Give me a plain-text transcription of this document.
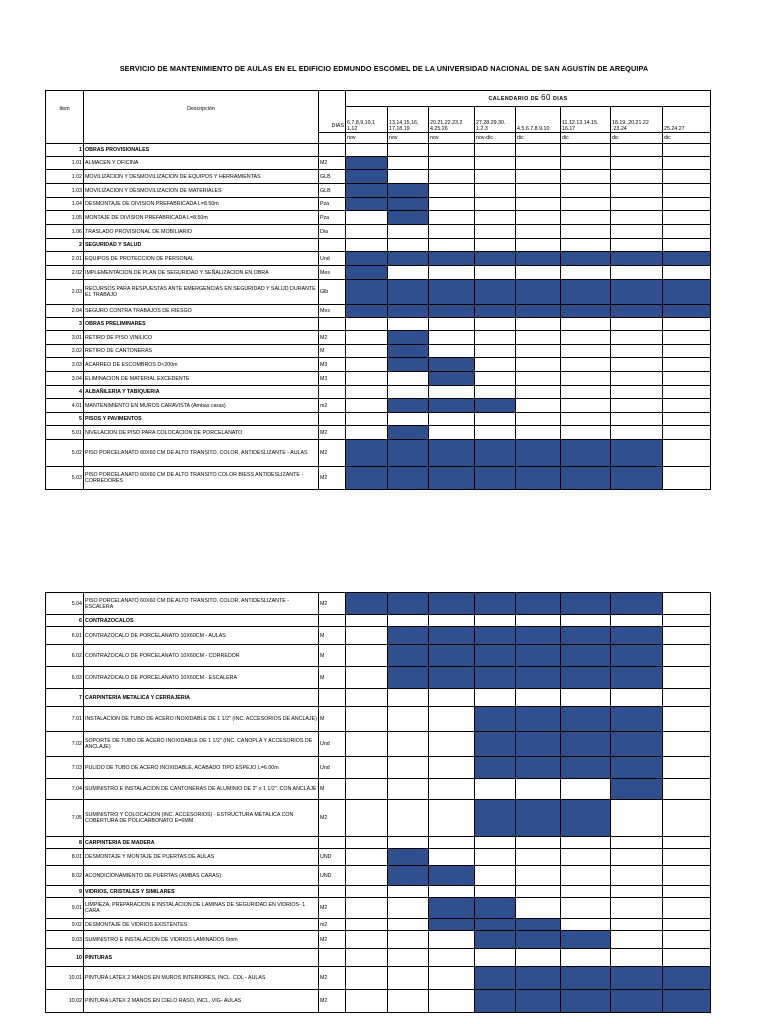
SERVICIO DE MANTENIMIENTO DE AULAS EN EL EDIFICIO EDMUNDO ESCOMEL DE LA UNIVERSIDAD NACIONAL DE SAN AGUSTÍN DE AREQUIPA
Item	Descripción	DIAS	CALENDARIO DE 60 DIAS							
			6,7,8,9,10,1 1,12	13,14,15,16, 17,18,19	20.21.22.23.2 4.25.26	27.28.29.30. 1.2.3	4.5.6.7.8.9.10	11.12.13.14.15. 16.17	18.19..20.21.22 .23.24	25.24.27
			nov	nov	nov	nov-dic	dic	dic	dic	dic
1	OBRAS PROVISIONALES									
1.01	ALMACEN Y OFICINA	M2								
1.02	MOVILIZACION Y DESMOVILIZACION DE EQUIPOS Y HERRAMIENTAS	GLB								
1.03	MOVILIZACION Y DESMOVILIZACION DE MATERIALES	GLB								
1.04	DESMONTAJE DE DIVISION PREFABRICADA L=8.50m	Pza								
1.05	MONTAJE DE DIVISION PREFABRICADA L=8.50m	Pza								
1.06	TRASLADO PROVISIONAL DE MOBILIARIO	Dia								
2	SEGURIDAD Y SALUD									
2.01	EQUIPOS DE PROTECCION DE PERSONAL	Und								
2.02	IMPLEMENTACION DE PLAN DE SEGURIDAD Y SEÑALIZACION EN OBRA	Mes								
2.03	RECURSOS PARA RESPUESTAS ANTE EMERGENCIAS EN SEGURIDAD Y SALUD DURANTE EL TRABAJO	Glb								
2.04	SEGURO CONTRA TRABAJOS DE RIESGO	Mes								
3	OBRAS PRELIMINARES									
3.01	RETIRO DE PISO VINILICO	M2								
3.02	RETIRO DE CANTONERAS	M								
3.03	ACARREO DE ESCOMBROS D<200m	M3								
3.04	ELIMINACION DE MATERIAL EXCEDENTE	M3								
4	ALBAÑILERIA Y TABIQUERIA									
4.01	MANTENIMIENTO EN MUROS CARAVISTA (Ambas caras)	m2								
5	PISOS Y PAVIMENTOS									
5.01	NIVELACION DE PISO PARA COLOCACION DE PORCELANATO	M2								
5.02	PISO PORCELANATO 60X60 CM DE ALTO TRANSITO, COLOR, ANTIDESLIZANTE - AULAS	M2								
5.03	PISO PORCELANATO 60X60 CM DE ALTO TRANSITO COLOR BIESS ANTIDESLIZANTE - CORREDORES	M2								
5.04	PISO PORCELANATO 60X60 CM DE ALTO TRANSITO, COLOR, ANTIDESLIZANTE - ESCALERA	M2								
6	CONTRAZOCALOS									
6.01	CONTRAZOCALO DE PORCELANATO 10X60CM - AULAS	M								
6.02	CONTRAZOCALO DE PORCELANATO 10X60CM - CORREDOR	M								
6.03	CONTRAZOCALO DE PORCELANATO 10X60CM - ESCALERA	M								
7	CARPINTERIA METALICA Y CERRAJERIA									
7.01	INSTALACION DE TUBO DE ACERO INOXIDABLE DE 1 1/2" (INC. ACCESORIOS DE ANCLAJE)	M								
7.02	SOPORTE DE TUBO DE ACERO INOXIDABLE DE 1 1/2" (INC. CANOPLA Y ACCESORIOS DE ANCLAJE)	Und								
7.03	PULIDO DE TUBO DE ACERO INOXIDABLE, ACABADO TIPO ESPEJO L=6.00m	Und								
7.04	SUMINISTRO E INSTALACION DE CANTONERAS DE ALUMINIO DE 2" x 1 1/2". CON ANCLAJE	M								
7.05	SUMINISTRO Y COLOCACION (INC. ACCESORIOS) - ESTRUCTURA METALICA CON COBERTURA DE POLICARBONATO E=6MM	M2								
8	CARPINTERIA DE MADERA									
8.01	DESMONTAJE Y MONTAJE DE PUERTAS DE AULAS	UND								
8.02	ACONDICIONAMIENTO DE PUERTAS (AMBAS CARAS)	UND								
9	VIDRIOS, CRISTALES Y SIMILARES									
9.01	LIMPIEZA, PREPARACION E INSTALACION DE LAMINAS DE SEGURIDAD EN VIDRIOS- 1 CARA	M2								
9.02	DESMONTAJE DE VIDRIOS EXISTENTES	m2								
9.03	SUMINISTRO E INSTALACION DE VIDRIOS LAMINADOS 6mm	M2								
10	PINTURAS									
10.01	PINTURA LATEX 2 MANOS EN MUROS INTERIORES, INCL. COL - AULAS	M2								
10.02	PINTURA LATEX 2 MANOS EN CIELO RASO, INCL. VIG- AULAS	M2								
